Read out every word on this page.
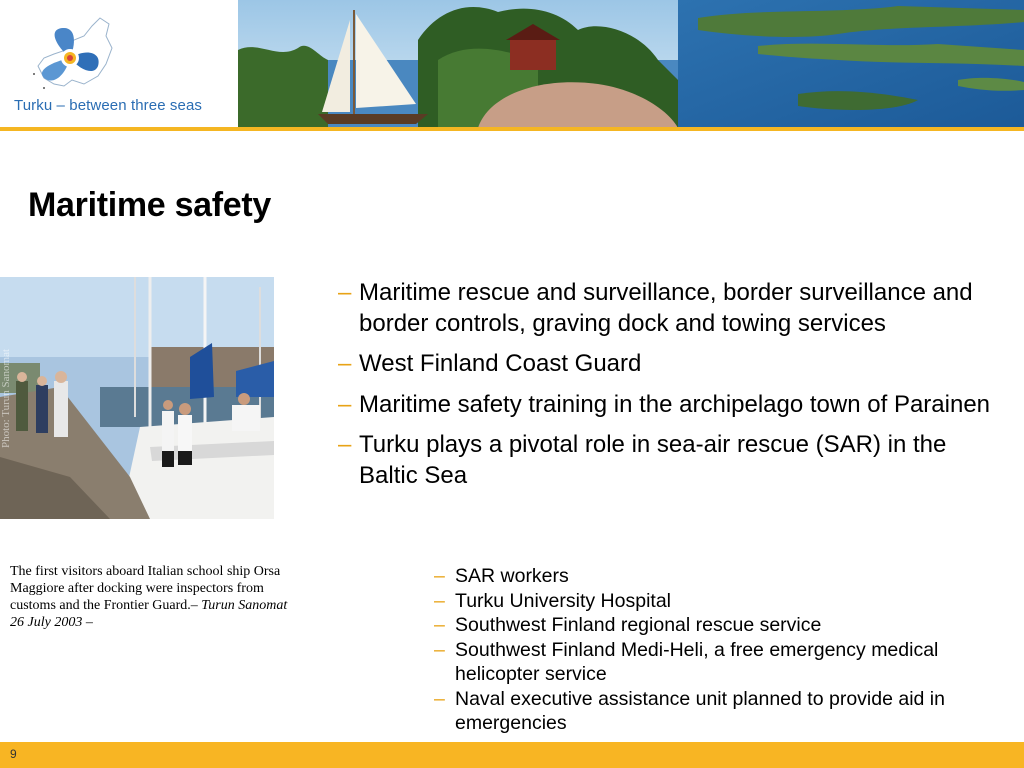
Turku – between three seas
Maritime safety
Photo: Turun Sanomat
The first visitors aboard Italian school ship Orsa Maggiore after docking were inspectors from customs and the Frontier Guard.– Turun Sanomat 26 July 2003 –
– Maritime rescue and surveillance, border surveillance and border controls, graving dock and towing services
– West Finland Coast Guard
– Maritime safety training in the archipelago town of Parainen
– Turku plays a pivotal role in sea-air rescue (SAR) in the Baltic Sea
– SAR workers
– Turku University Hospital
– Southwest Finland regional rescue service
– Southwest Finland Medi-Heli, a free emergency medical helicopter service
– Naval executive assistance unit planned to provide aid in emergencies
9
